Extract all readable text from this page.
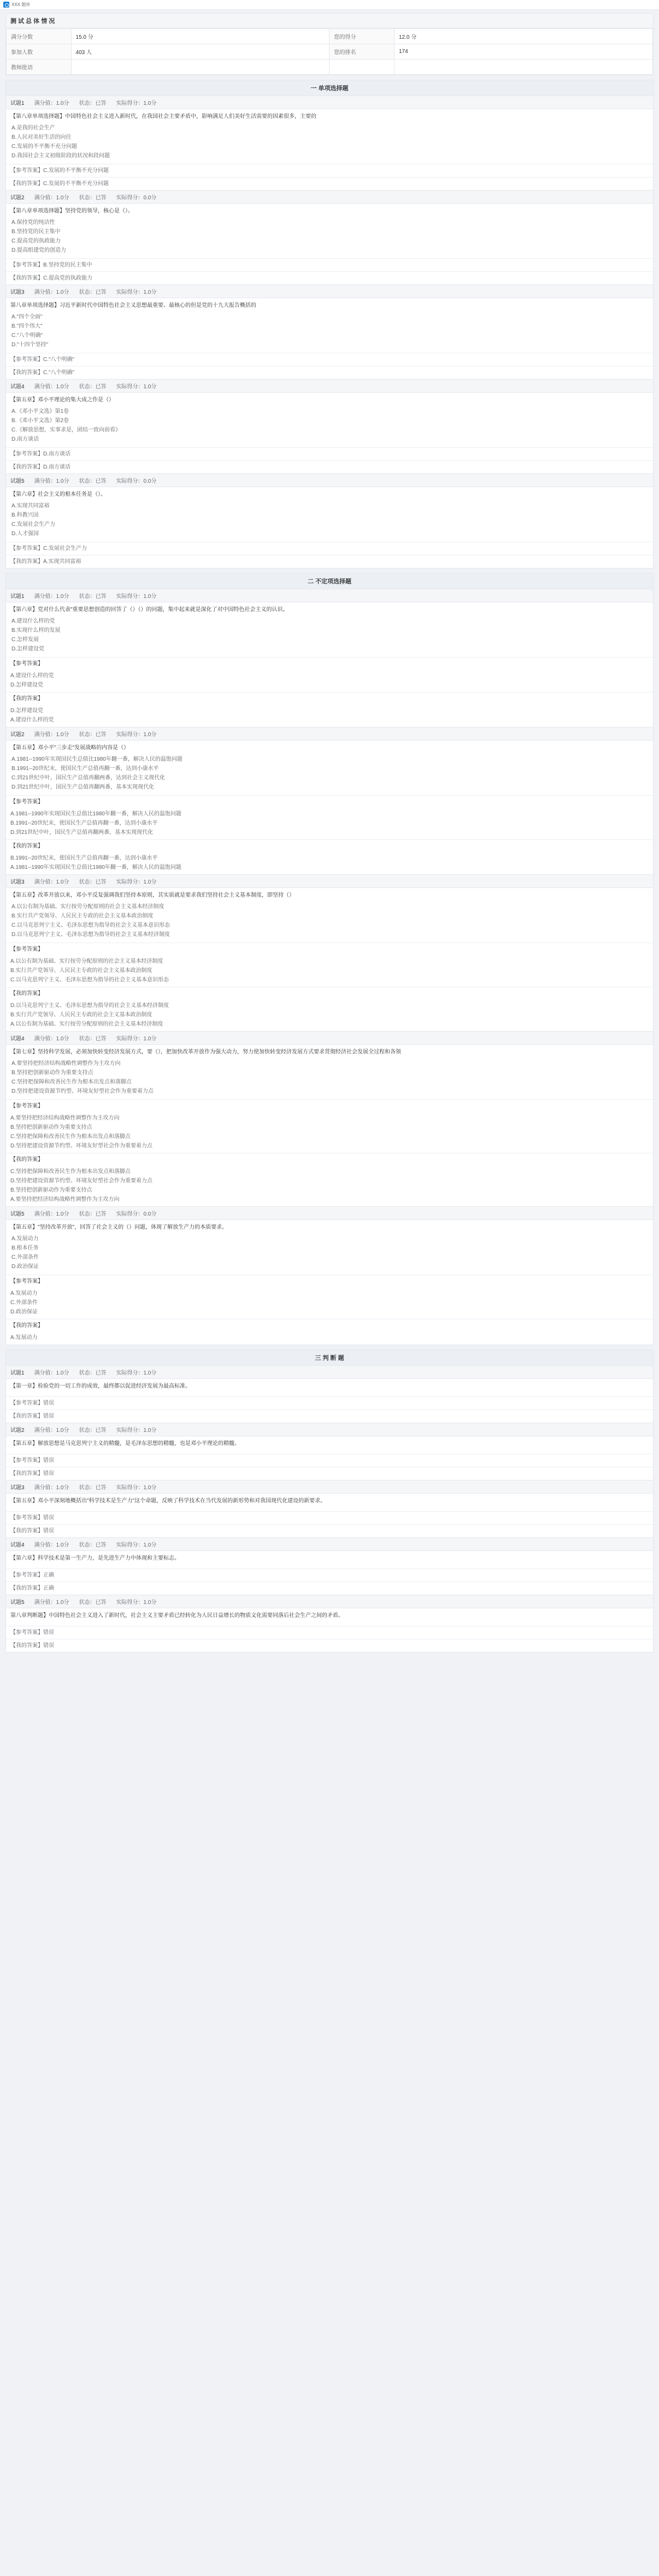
XXX 题库
测 试 总 体 情 况
满分分数	15.0 分	您的得分	12.0 分
参加人数	403 人	您的排名	174
教师批语			
一 单项选择题
试题1 满分值：1.0分 状态：已答 实际得分：1.0分
【第八章单项选择题】中国特色社会主义进入新时代，在我国社会主要矛盾中，影响满足人们美好生活需要的因素很多，主要的
A.是我的社会生产
B.人民对美好生活的向往
C.发展的不平衡不充分问题
D.我国社会主义初级阶段的状况和段问题
【参考答案】C.发展的不平衡不充分问题
【我的答案】C.发展的不平衡不充分问题
试题2 满分值：1.0分 状态：已答 实际得分：0.0分
【第八章单项选择题】坚持党的领导，核心是（）。
A.保持党的纯洁性
B.坚持党的民主集中
C.提高党的执政能力
D.提高组建党的创造力
【参考答案】B.坚持党的民主集中
【我的答案】C.提高党的执政能力
试题3 满分值：1.0分 状态：已答 实际得分：1.0分
第八章单项选择题】习近平新时代中国特色社会主义思想最重要、最核心的但是党的十九大报告概括的
A."四个全面"
B."四个伟大"
C."八个明确"
D."十四个坚持"
【参考答案】C."八个明确"
【我的答案】C."八个明确"
试题4 满分值：1.0分 状态：已答 实际得分：1.0分
【第五章】邓小平理论的集大成之作是（）
A.《邓小平文选》第1卷
B.《邓小平文选》第2卷
C.《解放思想，实事求是，团结一致向前看》
D.南方谈话
【参考答案】D.南方谈话
【我的答案】D.南方谈话
试题5 满分值：1.0分 状态：已答 实际得分：0.0分
【第六章】社会主义的根本任务是（）。
A.实现共同富裕
B.科教兴国
C.发展社会生产力
D.人才强国
【参考答案】C.发展社会生产力
【我的答案】A.实现共同富裕
二 不定项选择题
试题1 满分值：1.0分 状态：已答 实际得分：1.0分
【第六章】党对什么代表"重要思想创造的回答了（）（）的问题，集中起来就是深化了对中国特色社会主义的认识。
A.建设什么样的党
B.实现什么样的发展
C.怎样发展
D.怎样建设党
【参考答案】
A.建设什么样的党
D.怎样建设党
【我的答案】
D.怎样建设党
A.建设什么样的党
试题2 满分值：1.0分 状态：已答 实际得分：1.0分
【第五章】邓小平"三步走"发展战略的内容是（）
A.1981--1990年实现国民生总值比1980年翻一番，解决人民的温饱问题
B.1991--20世纪末，使国民生产总值再翻一番，达到小康水平
C.到21世纪中叶，国民生产总值再翻两番，达到社会主义现代化
D.到21世纪中叶，国民生产总值再翻两番，基本实现现代化
【参考答案】
A.1981--1990年实现国民生总值比1980年翻一番，解决人民的温饱问题
B.1991--20世纪末，使国民生产总值再翻一番，达到小康水平
D.到21世纪中叶，国民生产总值再翻两番，基本实现现代化
【我的答案】
B.1991--20世纪末，使国民生产总值再翻一番，达到小康水平
A.1981--1990年实现国民生总值比1980年翻一番，解决人民的温饱问题
试题3 满分值：1.0分 状态：已答 实际得分：1.0分
【第五章】改革开放以来，邓小平反复强调我们坚持本原则，其实质就是要求我们坚持社会主义基本制度，即坚持（）
A.以公有制为基础、实行按劳分配原则的社会主义基本经济制度
B.实行共产党领导、人民民主专政的社会主义基本政治制度
C.以马克思列宁主义、毛泽东思想为指导的社会主义基本意识形态
D.以马克思列宁主义、毛泽东思想为指导的社会主义基本经济制度
【参考答案】
A.以公有制为基础、实行按劳分配原则的社会主义基本经济制度
B.实行共产党领导、人民民主专政的社会主义基本政治制度
C.以马克思列宁主义、毛泽东思想为指导的社会主义基本意识形态
【我的答案】
D.以马克思列宁主义、毛泽东思想为指导的社会主义基本经济制度
B.实行共产党领导、人民民主专政的社会主义基本政治制度
A.以公有制为基础、实行按劳分配原则的社会主义基本经济制度
试题4 满分值：1.0分 状态：已答 实际得分：1.0分
【第七章】坚持科学发展，必须加快转变经济发展方式，要（），把加快改革开放作为强大动力，努力使加快转变经济发展方式要求贯彻经济社会发展全过程和各领
A.要坚持把经济结构战略性调整作为主攻方向
B.坚持把创新驱动作为重要支持点
C.坚持把保障和改善民生作为根本出发点和落脚点
D.坚持把建设资源节约型、环境友好型社会作为重要着力点
【参考答案】
A.要坚持把经济结构战略性调整作为主攻方向
B.坚持把创新驱动作为重要支持点
C.坚持把保障和改善民生作为根本出发点和落脚点
D.坚持把建设资源节约型、环境友好型社会作为重要着力点
【我的答案】
C.坚持把保障和改善民生作为根本出发点和落脚点
D.坚持把建设资源节约型、环境友好型社会作为重要着力点
B.坚持把创新驱动作为重要支持点
A.要坚持把经济结构战略性调整作为主攻方向
试题5 满分值：1.0分 状态：已答 实际得分：0.0分
【第五章】"坚持改革开放"，回答了社会主义的（）问题，体现了解放生产力的本质要求。
A.发展动力
B.根本任务
C.外部条件
D.政治保证
【参考答案】
A.发展动力
C.外部条件
D.政治保证
【我的答案】
A.发展动力
三 判 断 题
试题1 满分值：1.0分 状态：已答 实际得分：1.0分
【第一章】检验党的一切工作的成效，最终都以促进经济发展为最高标准。
【参考答案】错误
【我的答案】错误
试题2 满分值：1.0分 状态：已答 实际得分：1.0分
【第五章】解放思想是马克思列宁主义的精髓，是毛泽东思想的精髓，也是邓小平理论的精髓。
【参考答案】错误
【我的答案】错误
试题3 满分值：1.0分 状态：已答 实际得分：1.0分
【第五章】邓小平深刻地概括出"科学技术是生产力"这个命题，反映了科学技术在当代发展的新形势和对我国现代化建设的新要求。
【参考答案】错误
【我的答案】错误
试题4 满分值：1.0分 状态：已答 实际得分：1.0分
【第六章】科学技术是第一生产力，是先进生产力中体现和主要标志。
【参考答案】正确
【我的答案】正确
试题5 满分值：1.0分 状态：已答 实际得分：1.0分
第八章判断题】中国特色社会主义进入了新时代，社会主义主要矛盾已经转化为人民日益增长的物质文化需要同落后社会生产之间的矛盾。
【参考答案】错误
【我的答案】错误
